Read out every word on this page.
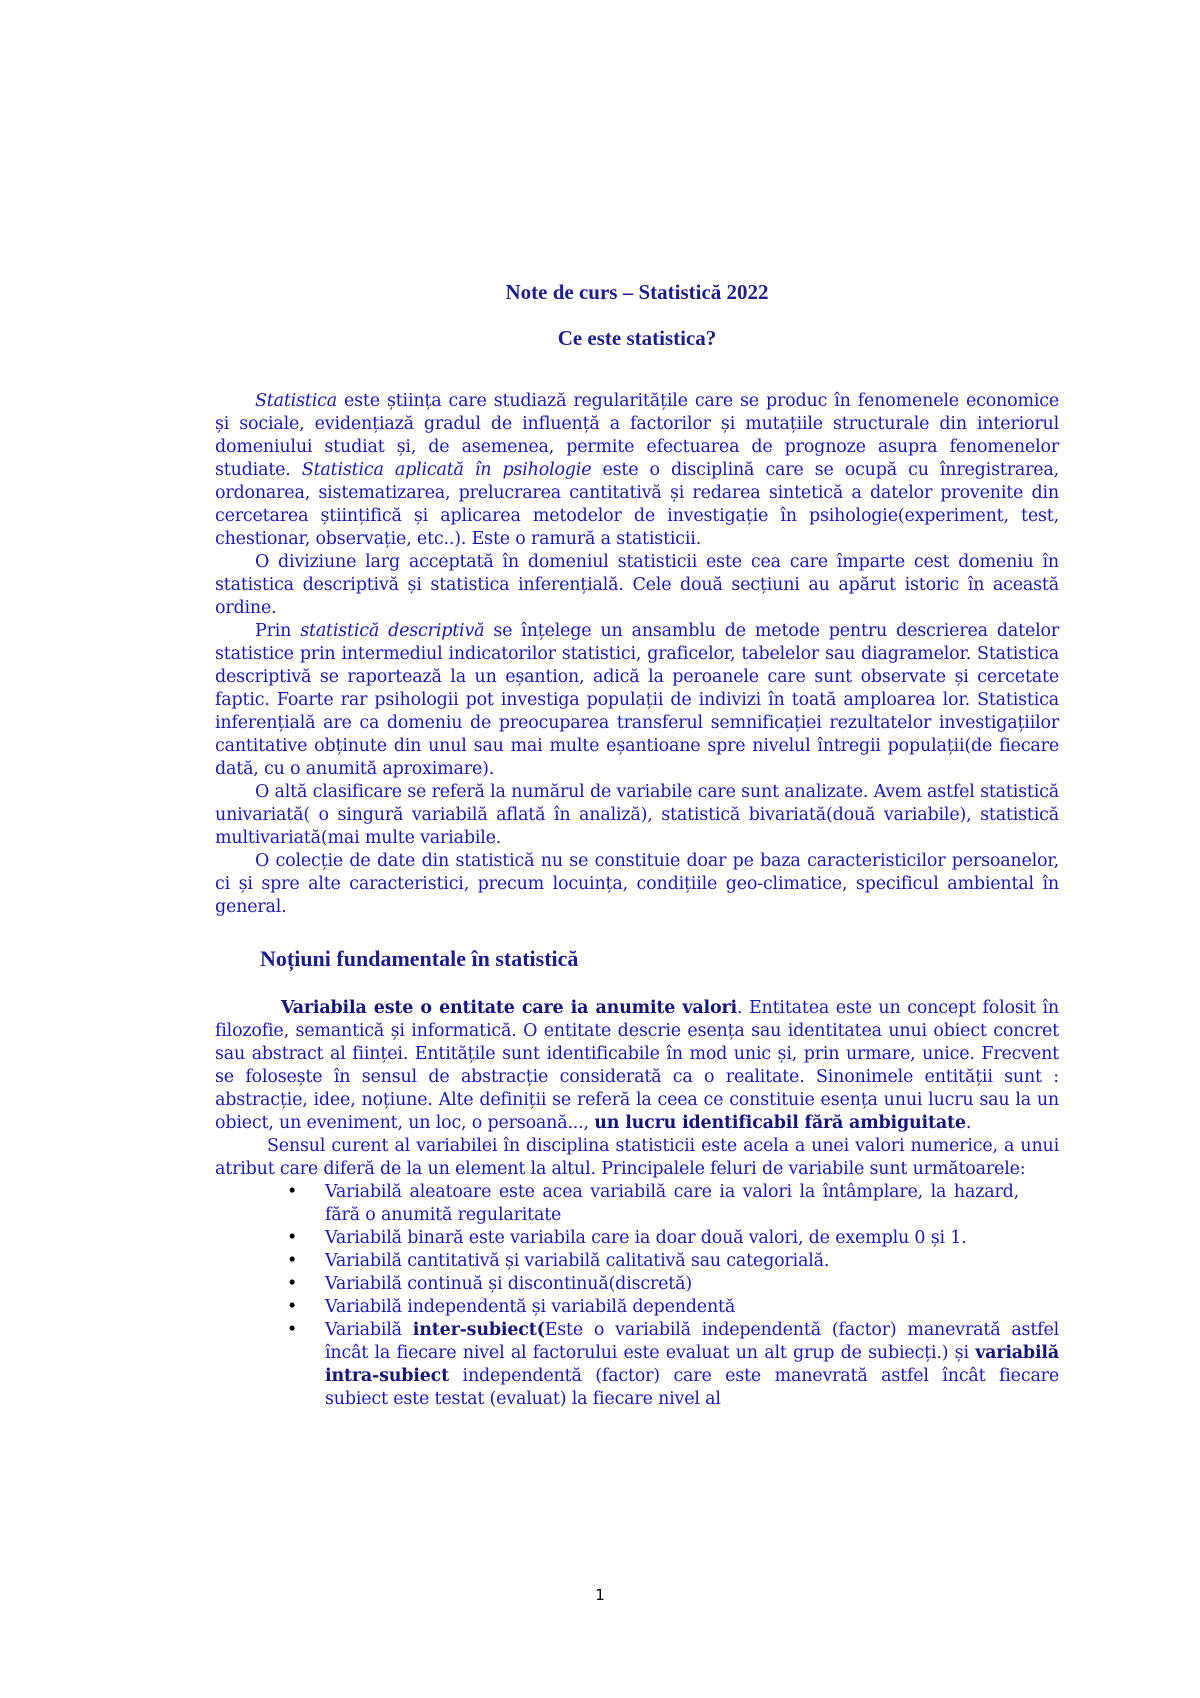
Note de curs – Statistică 2022
Ce este statistica?

Statistica este știința care studiază regularitățile care se produc în fenomenele economice și sociale, evidențiază gradul de influență a factorilor și mutațiile structurale din interiorul domeniului studiat și, de asemenea, permite efectuarea de prognoze asupra fenomenelor studiate. Statistica aplicată în psihologie este o disciplină care se ocupă cu înregistrarea, ordonarea, sistematizarea, prelucrarea cantitativă și redarea sintetică a datelor provenite din cercetarea științifică și aplicarea metodelor de investigație în psihologie(experiment, test, chestionar, observație, etc..). Este o ramură a statisticii.

O diviziune larg acceptată în domeniul statisticii este cea care împarte cest domeniu în statistica descriptivă și statistica inferențială. Cele două secțiuni au apărut istoric în această ordine.

Prin statistică descriptivă se înțelege un ansamblu de metode pentru descrierea datelor statistice prin intermediul indicatorilor statistici, graficelor, tabelelor sau diagramelor. Statistica descriptivă se raportează la un eșantion, adică la peroanele care sunt observate și cercetate faptic. Foarte rar psihologii pot investiga populații de indivizi în toată amploarea lor. Statistica inferențială are ca domeniu de preocuparea transferul semnificației rezultatelor investigațiilor cantitative obținute din unul sau mai multe eșantioane spre nivelul întregii populații(de fiecare dată, cu o anumită aproximare).

O altă clasificare se referă la numărul de variabile care sunt analizate. Avem astfel statistică univariată( o singură variabilă aflată în analiză), statistică bivariată(două variabile), statistică multivariată(mai multe variabile.

O colecție de date din statistică nu se constituie doar pe baza caracteristicilor persoanelor, ci și spre alte caracteristici, precum locuința, condițiile geo-climatice, specificul ambiental în general.

Noțiuni fundamentale în statistică

Variabila este o entitate care ia anumite valori. Entitatea este un concept folosit în filozofie, semantică și informatică. O entitate descrie esența sau identitatea unui obiect concret sau abstract al ființei. Entitățile sunt identificabile în mod unic și, prin urmare, unice. Frecvent se folosește în sensul de abstracție considerată ca o realitate. Sinonimele entității sunt : abstracție, idee, noțiune. Alte definiții se referă la ceea ce constituie esența unui lucru sau la un obiect, un eveniment, un loc, o persoană..., un lucru identificabil fără ambiguitate.

Sensul curent al variabilei în disciplina statisticii este acela a unei valori numerice, a unui atribut care diferă de la un element la altul. Principalele feluri de variabile sunt următoarele:

• Variabilă aleatoare este acea variabilă care ia valori la întâmplare, la hazard, fără o anumită regularitate
• Variabilă binară este variabila care ia doar două valori, de exemplu 0 și 1.
• Variabilă cantitativă și variabilă calitativă sau categorială.
• Variabilă continuă și discontinuă(discretă)
• Variabilă independentă și variabilă dependentă
• Variabilă inter-subiect(Este o variabilă independentă (factor) manevrată astfel încât la fiecare nivel al factorului este evaluat un alt grup de subiecți.) și variabilă intra-subiect independentă (factor) care este manevrată astfel încât fiecare subiect este testat (evaluat) la fiecare nivel al
1
